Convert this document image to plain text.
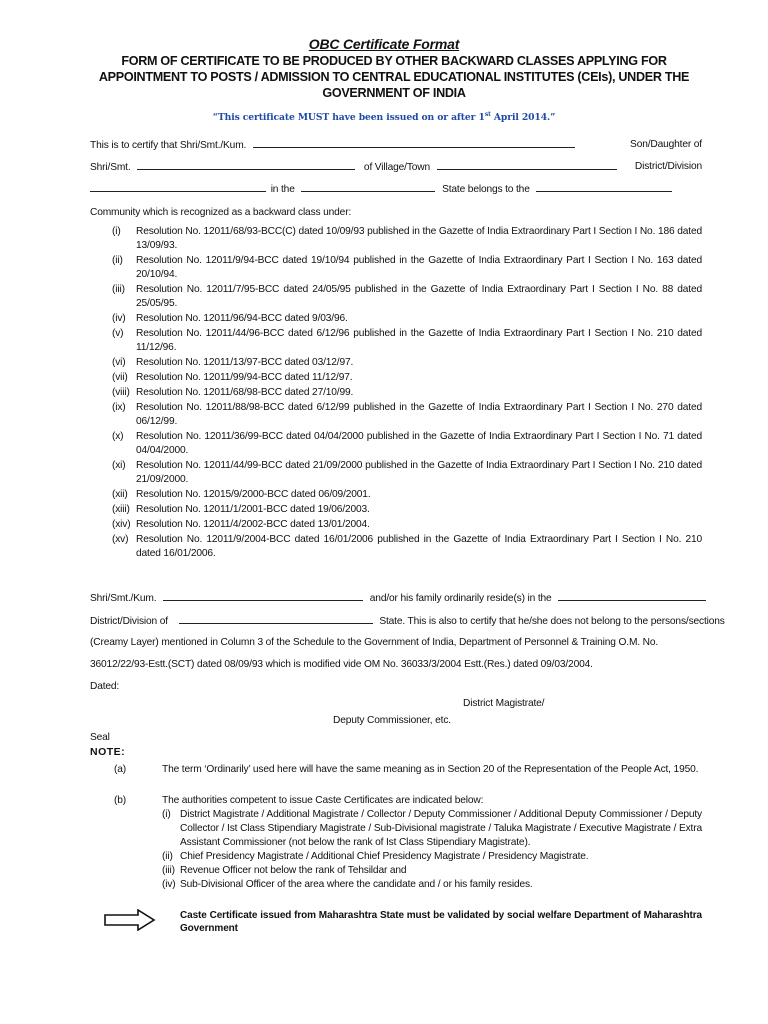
OBC Certificate Format
FORM OF CERTIFICATE TO BE PRODUCED BY OTHER BACKWARD CLASSES APPLYING FOR APPOINTMENT TO POSTS / ADMISSION TO CENTRAL EDUCATIONAL INSTITUTES (CEIs), UNDER THE GOVERNMENT OF INDIA
“This certificate MUST have been issued on or after 1st April 2014.”
This is to certify that Shri/Smt./Kum.	Son/Daughter of
Shri/Smt.	of Village/Town	District/Division
in the	State belongs to the
Community which is recognized as a backward class under:
(i) Resolution No. 12011/68/93-BCC(C) dated 10/09/93 published in the Gazette of India Extraordinary Part I Section I No. 186 dated 13/09/93.
(ii) Resolution No. 12011/9/94-BCC dated 19/10/94 published in the Gazette of India Extraordinary Part I Section I No. 163 dated 20/10/94.
(iii) Resolution No. 12011/7/95-BCC dated 24/05/95 published in the Gazette of India Extraordinary Part I Section I No. 88 dated 25/05/95.
(iv) Resolution No. 12011/96/94-BCC dated 9/03/96.
(v) Resolution No. 12011/44/96-BCC dated 6/12/96 published in the Gazette of India Extraordinary Part I Section I No. 210 dated 11/12/96.
(vi) Resolution No. 12011/13/97-BCC dated 03/12/97.
(vii) Resolution No. 12011/99/94-BCC dated 11/12/97.
(viii) Resolution No. 12011/68/98-BCC dated 27/10/99.
(ix) Resolution No. 12011/88/98-BCC dated 6/12/99 published in the Gazette of India Extraordinary Part I Section I No. 270 dated 06/12/99.
(x) Resolution No. 12011/36/99-BCC dated 04/04/2000 published in the Gazette of India Extraordinary Part I Section I No. 71 dated 04/04/2000.
(xi) Resolution No. 12011/44/99-BCC dated 21/09/2000 published in the Gazette of India Extraordinary Part I Section I No. 210 dated 21/09/2000.
(xii) Resolution No. 12015/9/2000-BCC dated 06/09/2001.
(xiii) Resolution No. 12011/1/2001-BCC dated 19/06/2003.
(xiv) Resolution No. 12011/4/2002-BCC dated 13/01/2004.
(xv) Resolution No. 12011/9/2004-BCC dated 16/01/2006 published in the Gazette of India Extraordinary Part I Section I No. 210 dated 16/01/2006.
Shri/Smt./Kum.	and/or his family ordinarily reside(s) in the
District/Division of	State. This is also to certify that he/she does not belong to the persons/sections
(Creamy Layer) mentioned in Column 3 of the Schedule to the Government of India, Department of Personnel & Training O.M. No.
36012/22/93-Estt.(SCT) dated 08/09/93 which is modified vide OM No. 36033/3/2004 Estt.(Res.) dated 09/03/2004.
Dated:
District Magistrate/
Deputy Commissioner, etc.
Seal
NOTE:
(a)	The term ‘Ordinarily’ used here will have the same meaning as in Section 20 of the Representation of the People Act, 1950.
(b)	The authorities competent to issue Caste Certificates are indicated below:
(i) District Magistrate / Additional Magistrate / Collector / Deputy Commissioner / Additional Deputy Commissioner / Deputy Collector / Ist Class Stipendiary Magistrate / Sub-Divisional magistrate / Taluka Magistrate / Executive Magistrate / Extra Assistant Commissioner (not below the rank of Ist Class Stipendiary Magistrate).
(ii) Chief Presidency Magistrate / Additional Chief Presidency Magistrate / Presidency Magistrate.
(iii) Revenue Officer not below the rank of Tehsildar and
(iv) Sub-Divisional Officer of the area where the candidate and / or his family resides.
Caste Certificate issued from Maharashtra State must be validated by social welfare Department of Maharashtra Government
